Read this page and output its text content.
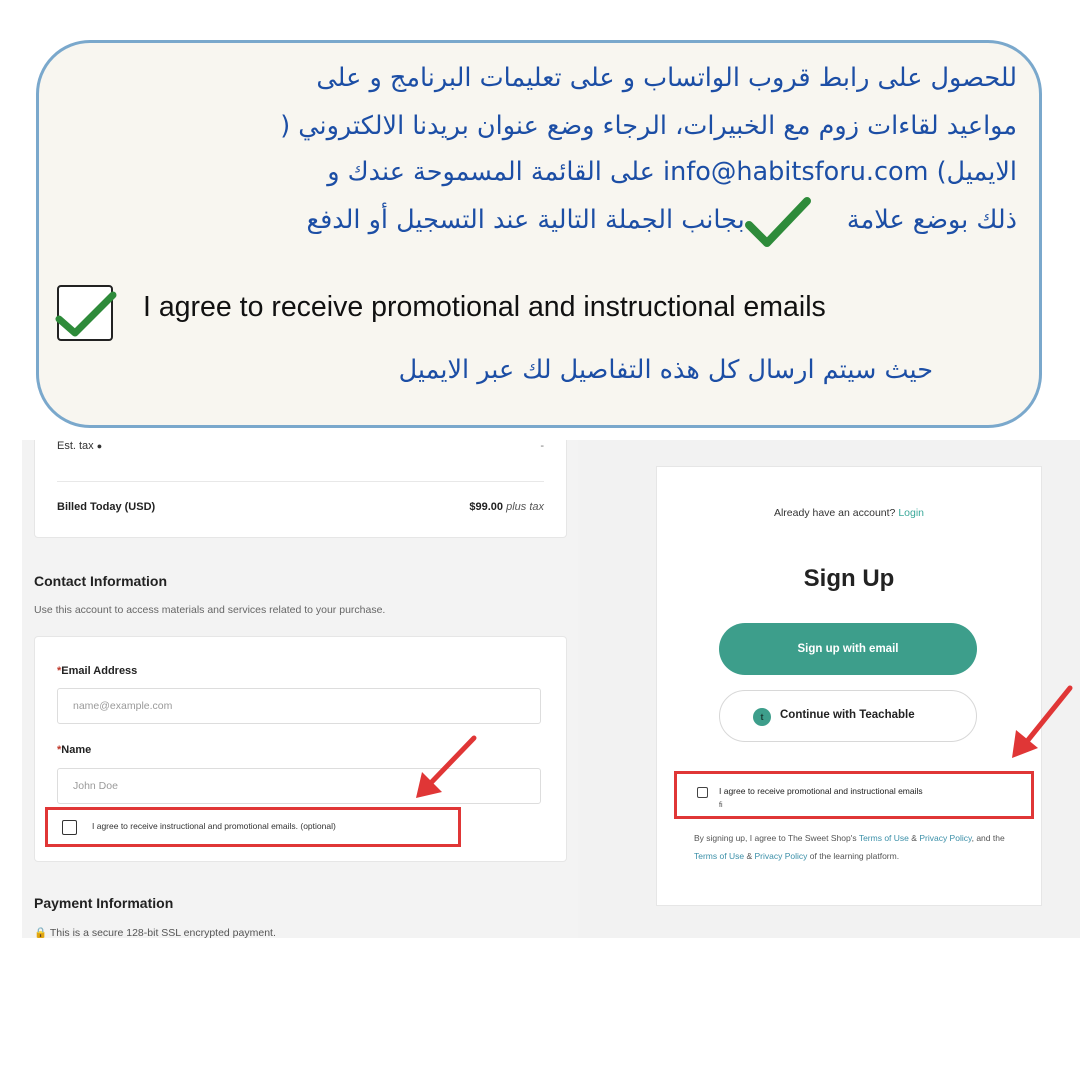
للحصول على رابط قروب الواتساب و على تعليمات البرنامج و على
مواعيد لقاءات زوم مع الخبيرات، الرجاء وضع عنوان بريدنا الالكتروني (
الايميل) info@habitsforu.com على القائمة المسموحة عندك و
ذلك بوضع علامة  بجانب الجملة التالية عند التسجيل أو الدفع
I agree to receive promotional and instructional emails
حيث سيتم ارسال كل هذه التفاصيل لك عبر الايميل
Est. tax ●	-
Billed Today (USD)	$99.00 plus tax
Contact Information
Use this account to access materials and services related to your purchase.
*Email Address
name@example.com
*Name
John Doe
I agree to receive instructional and promotional emails. (optional)
Payment Information
🔒 This is a secure 128-bit SSL encrypted payment.
Already have an account? Login
Sign Up
Sign up with email
t	Continue with Teachable
I agree to receive promotional and instructional emails
fi
By signing up, I agree to The Sweet Shop's Terms of Use & Privacy Policy, and the Terms of Use & Privacy Policy of the learning platform.
